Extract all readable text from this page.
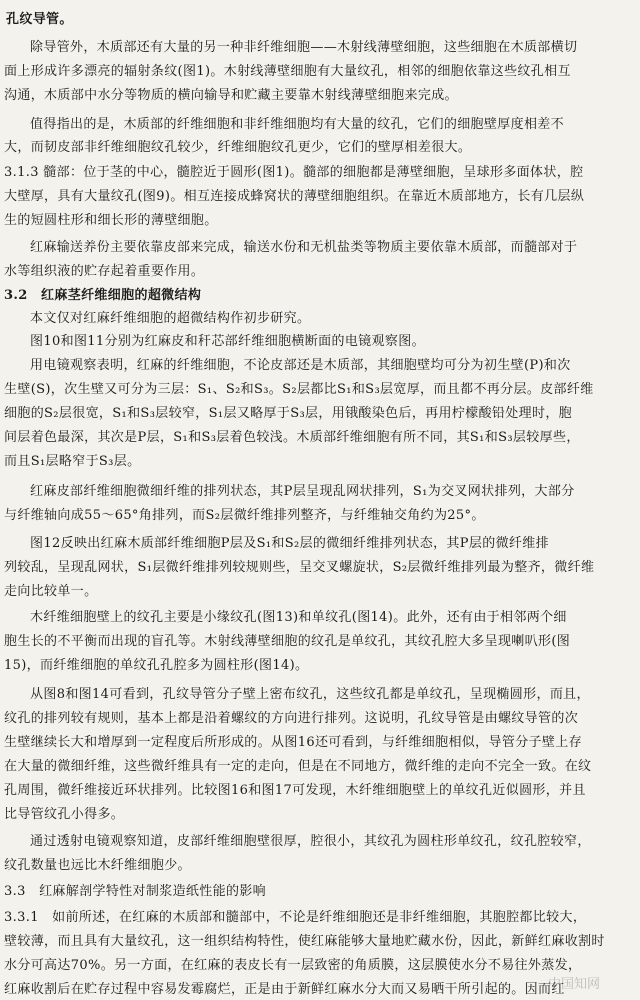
孔纹导管。
除导管外，木质部还有大量的另一种非纤维细胞——木射线薄壁细胞，这些细胞在木质部横切
面上形成许多漂亮的辐射条纹(图1)。木射线薄壁细胞有大量纹孔，相邻的细胞依靠这些纹孔相互
沟通，木质部中水分等物质的横向输导和贮藏主要靠木射线薄壁细胞来完成。
值得指出的是，木质部的纤维细胞和非纤维细胞均有大量的纹孔，它们的细胞壁厚度相差不
大，而韧皮部非纤维细胞纹孔较少，纤维细胞纹孔更少，它们的壁厚相差很大。
3.1.3 髓部：位于茎的中心，髓腔近于圆形(图1)。髓部的细胞都是薄壁细胞，呈球形多面体状，腔
大壁厚，具有大量纹孔(图9)。相互连接成蜂窝状的薄壁细胞组织。在靠近木质部地方，长有几层纵
生的短圆柱形和细长形的薄壁细胞。
红麻输送养份主要依靠皮部来完成，输送水份和无机盐类等物质主要依靠木质部，而髓部对于
水等组织液的贮存起着重要作用。
3.2　红麻茎纤维细胞的超微结构
本文仅对红麻纤维细胞的超微结构作初步研究。
图10和图11分别为红麻皮和秆芯部纤维细胞横断面的电镜观察图。
用电镜观察表明，红麻的纤维细胞，不论皮部还是木质部，其细胞壁均可分为初生壁(P)和次
生壁(S)，次生壁又可分为三层：S₁、S₂和S₃。S₂层都比S₁和S₃层宽厚，而且都不再分层。皮部纤维
细胞的S₂层很宽，S₁和S₃层较窄，S₁层又略厚于S₃层，用锇酸染色后，再用柠檬酸铅处理时，胞
间层着色最深，其次是P层，S₁和S₃层着色较浅。木质部纤维细胞有所不同，其S₁和S₃层较厚些，
而且S₁层略窄于S₃层。
红麻皮部纤维细胞微细纤维的排列状态，其P层呈现乱网状排列，S₁为交叉网状排列，大部分
与纤维轴向成55～65°角排列，而S₂层微纤维排列整齐，与纤维轴交角约为25°。
图12反映出红麻木质部纤维细胞P层及S₁和S₂层的微细纤维排列状态，其P层的微纤维排
列较乱，呈现乱网状，S₁层微纤维排列较规则些，呈交叉螺旋状，S₂层微纤维排列最为整齐，微纤维
走向比较单一。
木纤维细胞壁上的纹孔主要是小缘纹孔(图13)和单纹孔(图14)。此外，还有由于相邻两个细
胞生长的不平衡而出现的盲孔等。木射线薄壁细胞的纹孔是单纹孔，其纹孔腔大多呈现喇叭形(图
15)，而纤维细胞的单纹孔孔腔多为圆柱形(图14)。
从图8和图14可看到，孔纹导管分子壁上密布纹孔，这些纹孔都是单纹孔，呈现椭圆形，而且，
纹孔的排列较有规则，基本上都是沿着螺纹的方向进行排列。这说明，孔纹导管是由螺纹导管的次
生壁继续长大和增厚到一定程度后所形成的。从图16还可看到，与纤维细胞相似，导管分子壁上存
在大量的微细纤维，这些微纤维具有一定的走向，但是在不同地方，微纤维的走向不完全一致。在纹
孔周围，微纤维接近环状排列。比较图16和图17可发现，木纤维细胞壁上的单纹孔近似圆形，并且
比导管纹孔小得多。
通过透射电镜观察知道，皮部纤维细胞壁很厚，腔很小，其纹孔为圆柱形单纹孔，纹孔腔较窄，
纹孔数量也远比木纤维细胞少。
3.3　红麻解剖学特性对制浆造纸性能的影响
3.3.1　如前所述，在红麻的木质部和髓部中，不论是纤维细胞还是非纤维细胞，其胞腔都比较大，
壁较薄，而且具有大量纹孔，这一组织结构特性，使红麻能够大量地贮藏水份，因此，新鲜红麻收割时
水分可高达70%。另一方面，在红麻的表皮长有一层致密的角质膜，这层膜使水分不易往外蒸发，
红麻收割后在贮存过程中容易发霉腐烂，正是由于新鲜红麻水分大而又易晒干所引起的。因而红
中国知网
